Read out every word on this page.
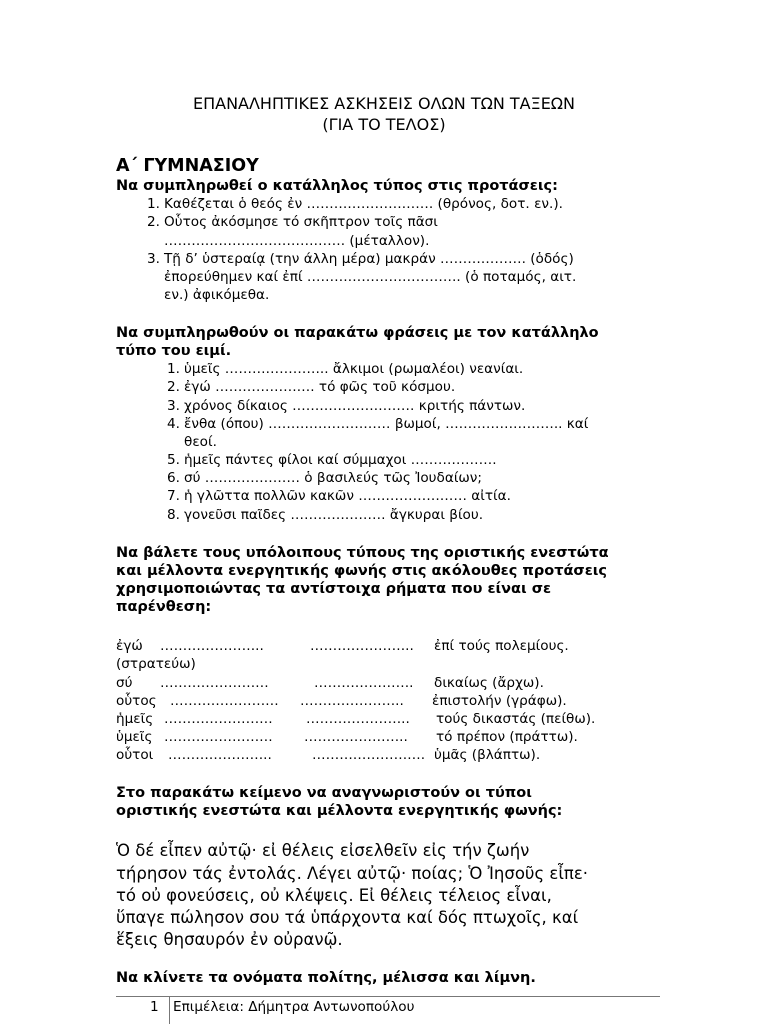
ΕΠΑΝΑΛΗΠΤΙΚΕΣ ΑΣΚΗΣΕΙΣ ΟΛΩΝ ΤΩΝ ΤΑΞΕΩΝ
(ΓΙΑ ΤΟ ΤΕΛΟΣ)
Α΄ ΓΥΜΝΑΣΙΟΥ
Να συμπληρωθεί ο κατάλληλος τύπος στις προτάσεις:
1. Καθέζεται ὁ θεός ἐν ………………………. (θρόνος, δοτ. εν.).
2. Οὗτος ἀκόσμησε τό σκῆπτρον τοῖς πᾶσι
…………………………………. (μέταλλον).
3. Τῇ δ’ ὑστεραίᾳ (την άλλη μέρα) μακράν ………………. (ὁδός)
ἐπορεύθημεν καί ἐπί ……………………………. (ὁ ποταμός, αιτ.
εν.) ἀφικόμεθα.
Να συμπληρωθούν οι παρακάτω φράσεις με τον κατάλληλο
τύπο του ειμί.
1. ὑμεῖς ………………….. ἄλκιμοι (ρωμαλέοι) νεανίαι.
2. ἐγώ …………………. τό φῶς τοῦ κόσμου.
3. χρόνος δίκαιος ……………………… κριτής πάντων.
4. ἔνθα (όπου) ……………………… βωμοί, …………………….. καί
θεοί.
5. ἡμεῖς πάντες φίλοι καί σύμμαχοι ……………….
6. σύ ………………… ὁ βασιλεύς τῶς Ἰουδαίων;
7. ἡ γλῶττα πολλῶν κακῶν …………………… αἰτία.
8. γονεῦσι παῖδες ………………… ἄγκυραι βίου.
Να βάλετε τους υπόλοιπους τύπους της οριστικής ενεστώτα
και μέλλοντα ενεργητικής φωνής στις ακόλουθες προτάσεις
χρησιμοποιώντας τα αντίστοιχα ρήματα που είναι σε
παρένθεση:
ἐγώ …………………..	………………….. ἐπί τούς πολεμίους.
(στρατεύω)
σύ ……………………	…………………. δικαίως (ἄρχω).
οὗτος …………………… ………………….. ἐπιστολήν (γράφω).
ἡμεῖς …………………… ………………….. τούς δικαστάς (πείθω).
ὑμεῖς …………………… ………………….. τό πρέπον (πράττω).
οὗτοι …………………..	……………………. ὑμᾶς (βλάπτω).
Στο παρακάτω κείμενο να αναγνωριστούν οι τύποι
οριστικής ενεστώτα και μέλλοντα ενεργητικής φωνής:
Ὁ δέ εἶπεν αὐτῷ· εἰ θέλεις εἰσελθεῖν εἰς τήν ζωήν
τήρησον τάς ἐντολάς. Λέγει αὐτῷ· ποίας; Ὁ Ἰησοῦς εἶπε·
τό οὐ φονεύσεις, οὐ κλέψεις. Εἰ θέλεις τέλειος εἶναι,
ὕπαγε πώλησον σου τά ὑπάρχοντα καί δός πτωχοῖς, καί
ἕξεις θησαυρόν ἐν οὐρανῷ.
Να κλίνετε τα ονόματα πολίτης, μέλισσα και λίμνη.
1 Επιμέλεια: Δήμητρα Αντωνοπούλου
